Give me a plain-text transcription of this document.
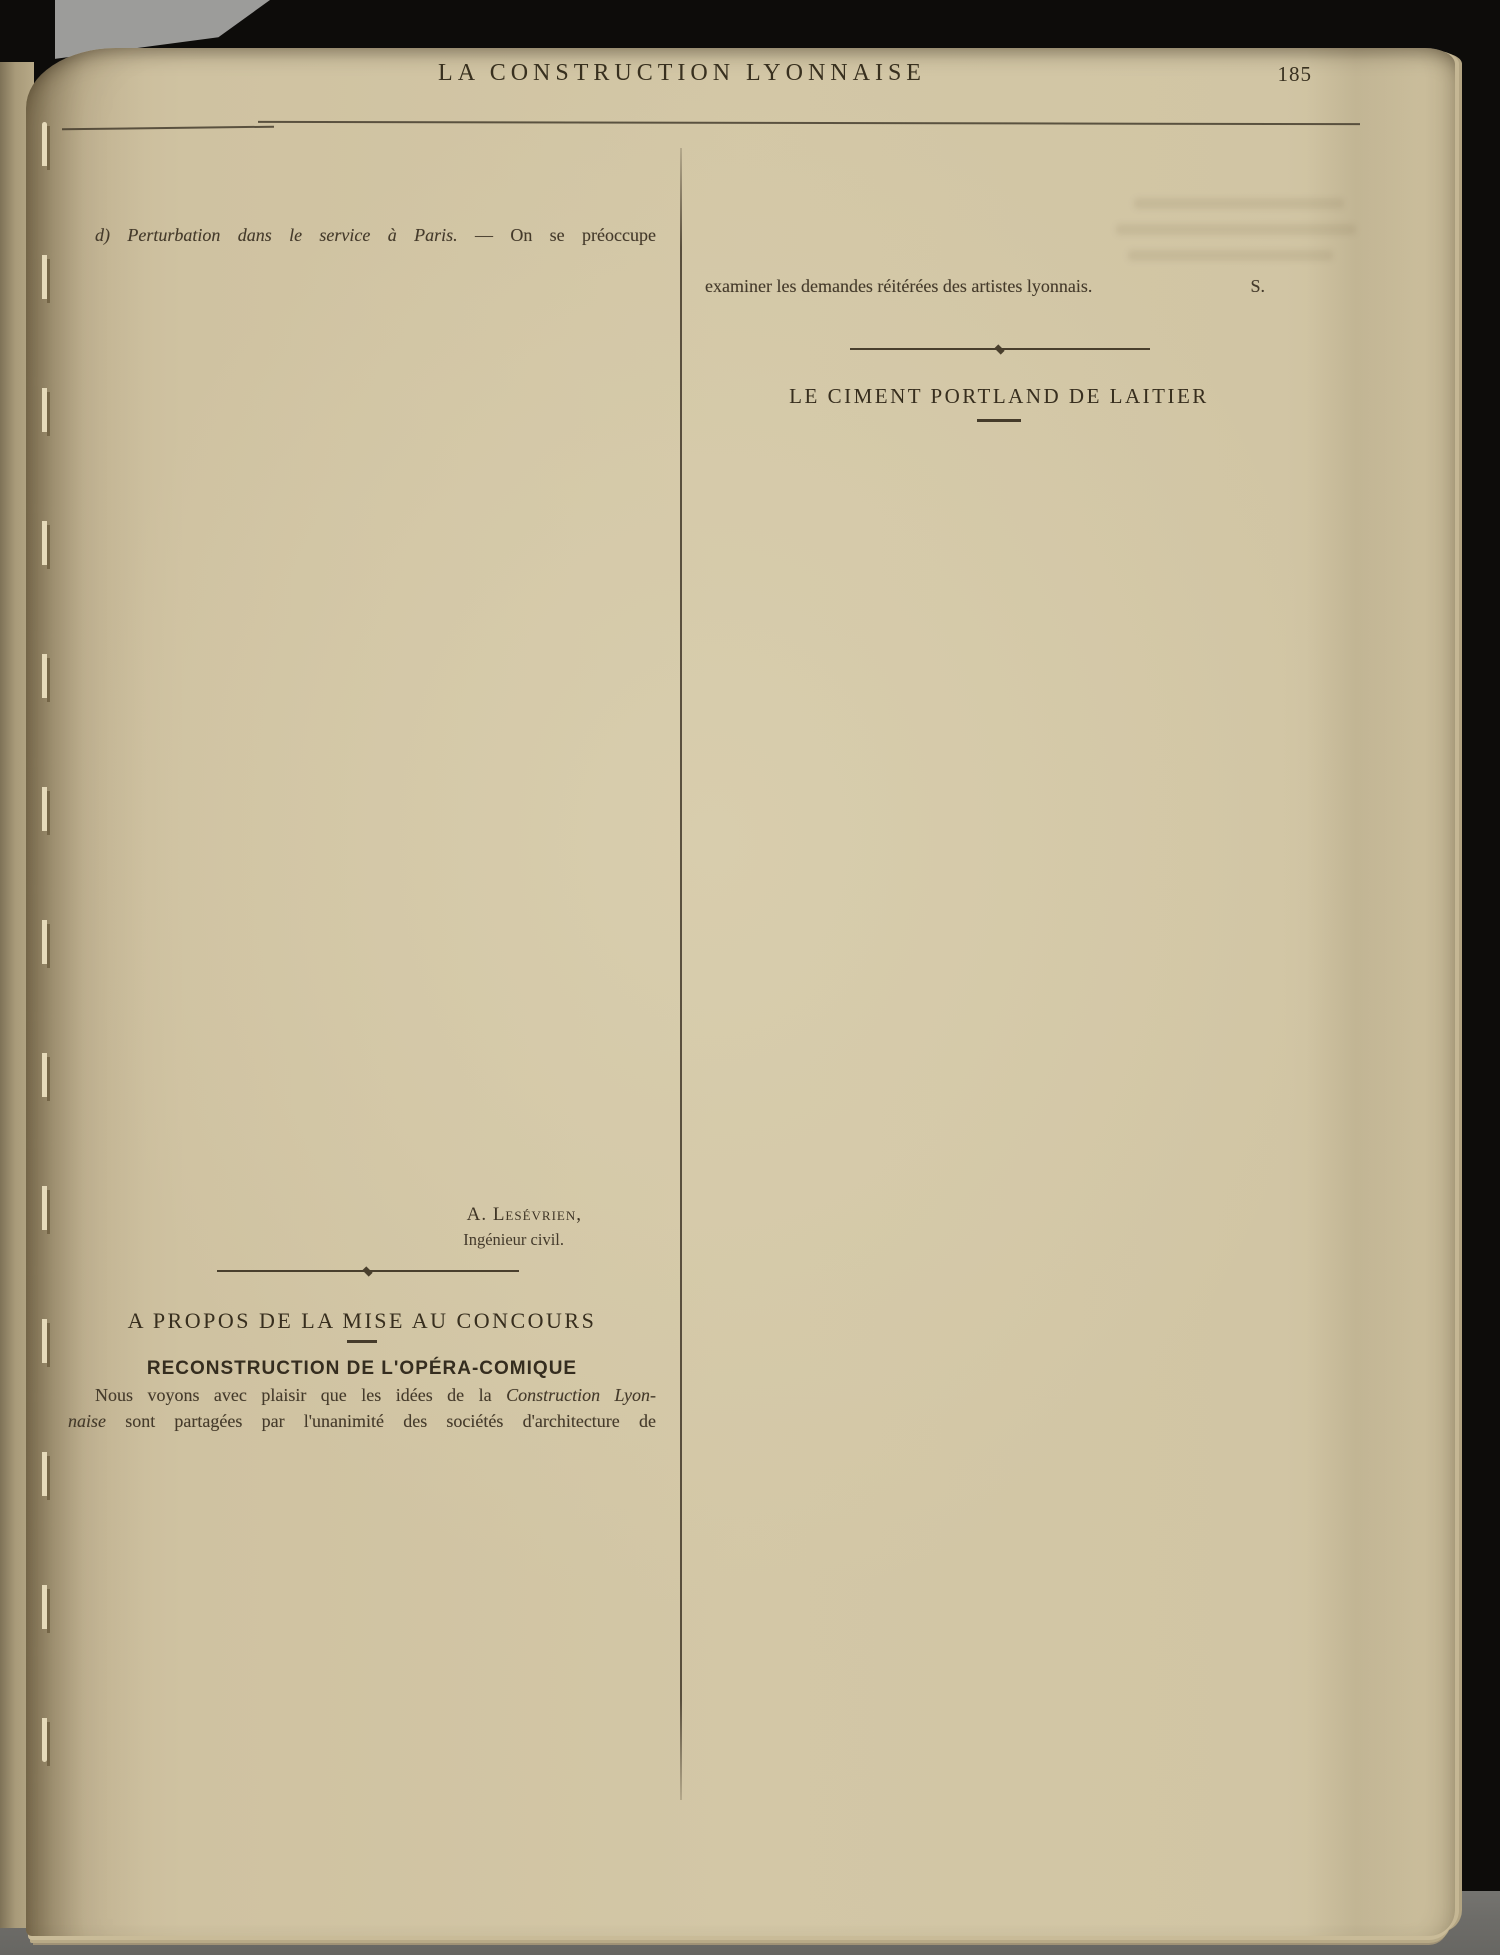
LA CONSTRUCTION LYONNAISE	185
d) Perturbation dans le service à Paris. — On se préoccupe
A. Lesévrien,
Ingénieur civil.
A PROPOS DE LA MISE AU CONCOURS
RECONSTRUCTION DE L'OPÉRA-COMIQUE
Nous voyons avec plaisir que les idées de la Construction Lyon-
naise sont partagées par l'unanimité des sociétés d'architecture de
examiner les demandes réitérées des artistes lyonnais.	S.
LE CIMENT PORTLAND DE LAITIER
